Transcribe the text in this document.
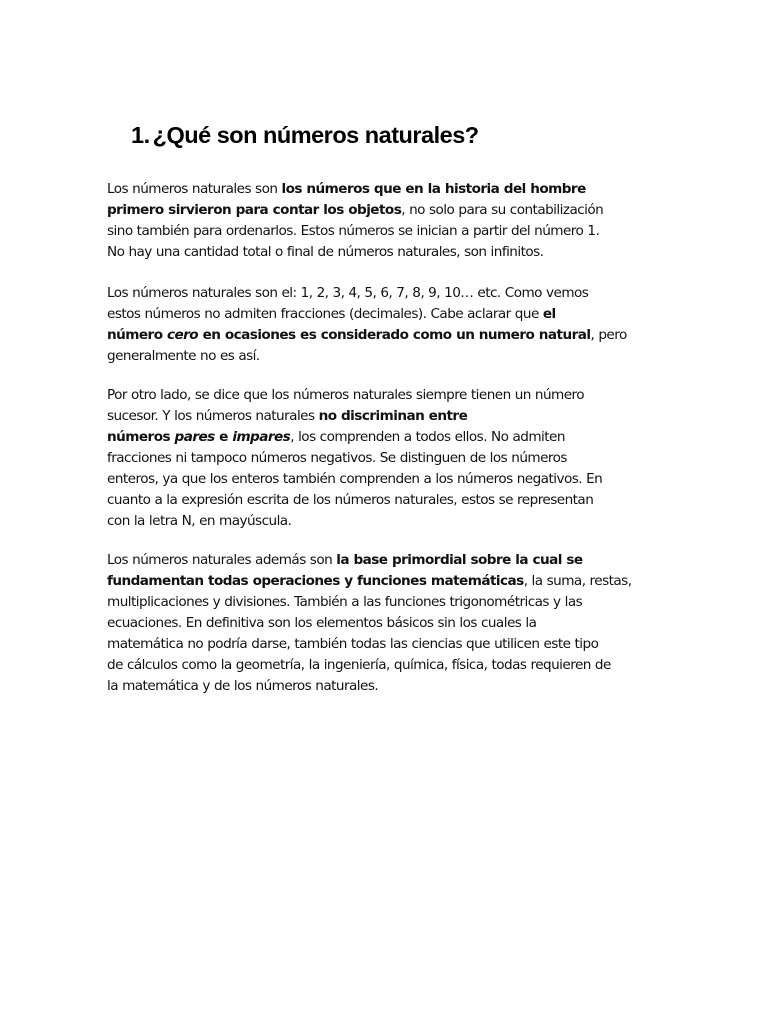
1. ¿Qué son números naturales?

Los números naturales son los números que en la historia del hombre
primero sirvieron para contar los objetos, no solo para su contabilización
sino también para ordenarlos. Estos números se inician a partir del número 1.
No hay una cantidad total o final de números naturales, son infinitos.

Los números naturales son el: 1, 2, 3, 4, 5, 6, 7, 8, 9, 10… etc. Como vemos
estos números no admiten fracciones (decimales). Cabe aclarar que el
número cero en ocasiones es considerado como un numero natural, pero
generalmente no es así.

Por otro lado, se dice que los números naturales siempre tienen un número
sucesor. Y los números naturales no discriminan entre
números pares e impares, los comprenden a todos ellos. No admiten
fracciones ni tampoco números negativos. Se distinguen de los números
enteros, ya que los enteros también comprenden a los números negativos. En
cuanto a la expresión escrita de los números naturales, estos se representan
con la letra N, en mayúscula.

Los números naturales además son la base primordial sobre la cual se
fundamentan todas operaciones y funciones matemáticas, la suma, restas,
multiplicaciones y divisiones. También a las funciones trigonométricas y las
ecuaciones. En definitiva son los elementos básicos sin los cuales la
matemática no podría darse, también todas las ciencias que utilicen este tipo
de cálculos como la geometría, la ingeniería, química, física, todas requieren de
la matemática y de los números naturales.
